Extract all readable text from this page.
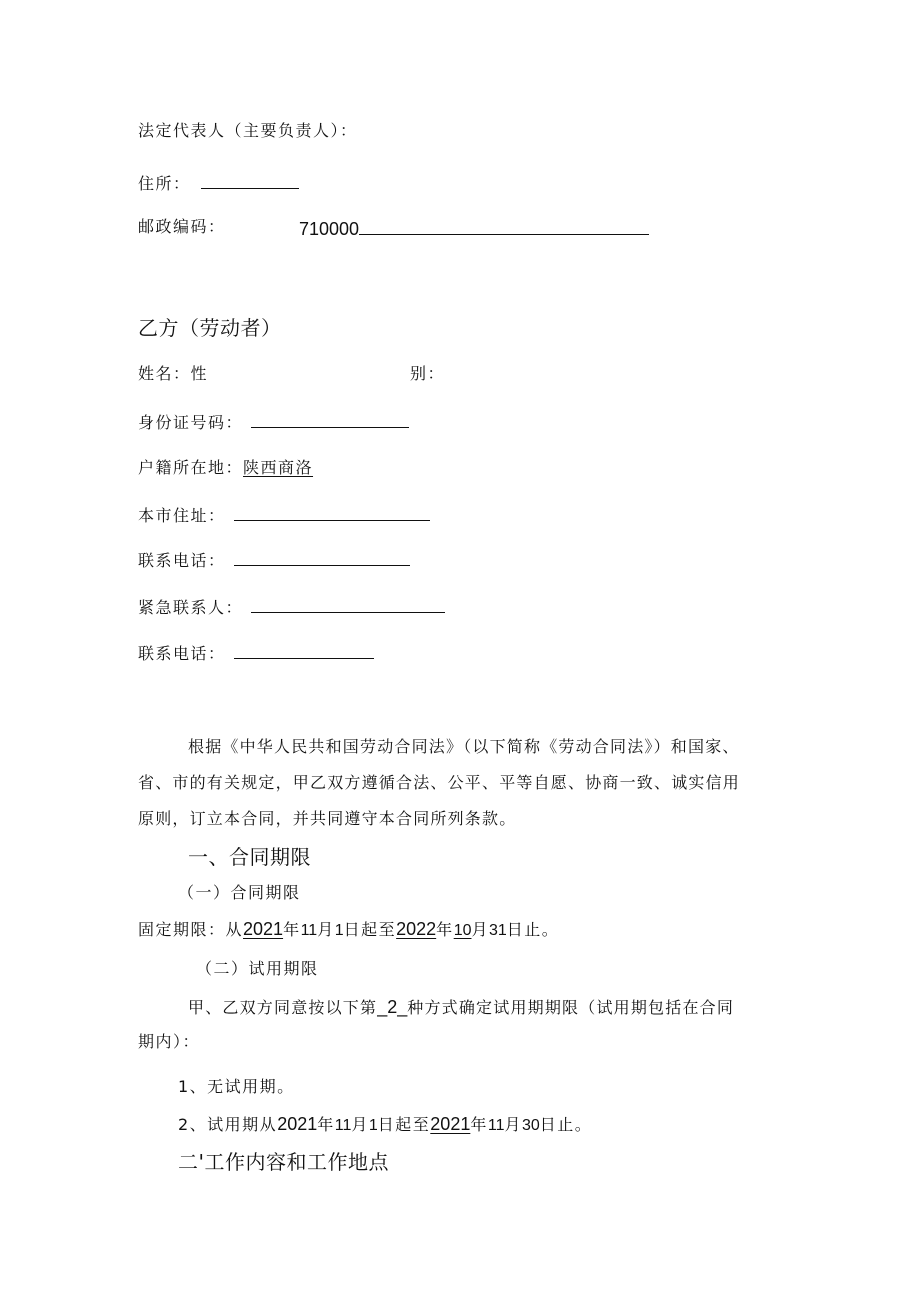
法定代表人（主要负责人）：
住所：
邮政编码：	710000
乙方（劳动者）
姓名：性	别：
身份证号码：
户籍所在地：陕西商洛
本市住址：
联系电话：
紧急联系人：
联系电话：
根据《中华人民共和国劳动合同法》（以下简称《劳动合同法》）和国家、
省、市的有关规定，甲乙双方遵循合法、公平、平等自愿、协商一致、诚实信用
原则，订立本合同，并共同遵守本合同所列条款。
一、合同期限
（一）合同期限
固定期限：从2021年11月1日起至2022年10月31日止。
（二）试用期限
甲、乙双方同意按以下第_2_种方式确定试用期期限（试用期包括在合同
期内）：
1、无试用期。
2、试用期从2021年11月1日起至2021年11月30日止。
二'工作内容和工作地点
